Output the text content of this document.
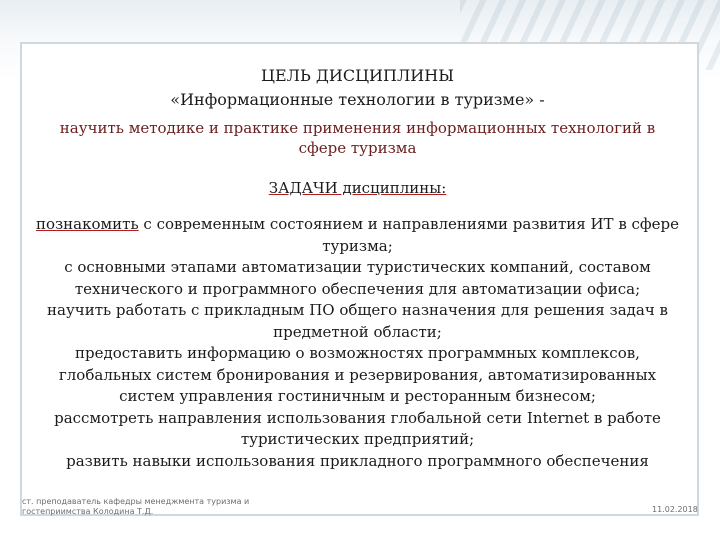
ЦЕЛЬ ДИСЦИПЛИНЫ

«Информационные технологии в туризме» -

научить методике и практике применения информационных технологий в сфере туризма
ЗАДАЧИ дисциплины:

познакомить с современным состоянием и направлениями развития ИТ в сфере туризма;

с основными этапами автоматизации туристических компаний, составом технического и программного обеспечения для автоматизации офиса;

научить работать с прикладным ПО общего назначения для решения задач в предметной области;

предоставить информацию о возможностях программных комплексов, глобальных систем бронирования и резервирования, автоматизированных систем управления гостиничным и ресторанным бизнесом;

рассмотреть направления использования глобальной сети Internet в работе туристических предприятий;

развить навыки использования прикладного программного обеспечения

ст. преподаватель кафедры менеджмента туризма и гостеприимства Колодина Т.Д.	11.02.2018
